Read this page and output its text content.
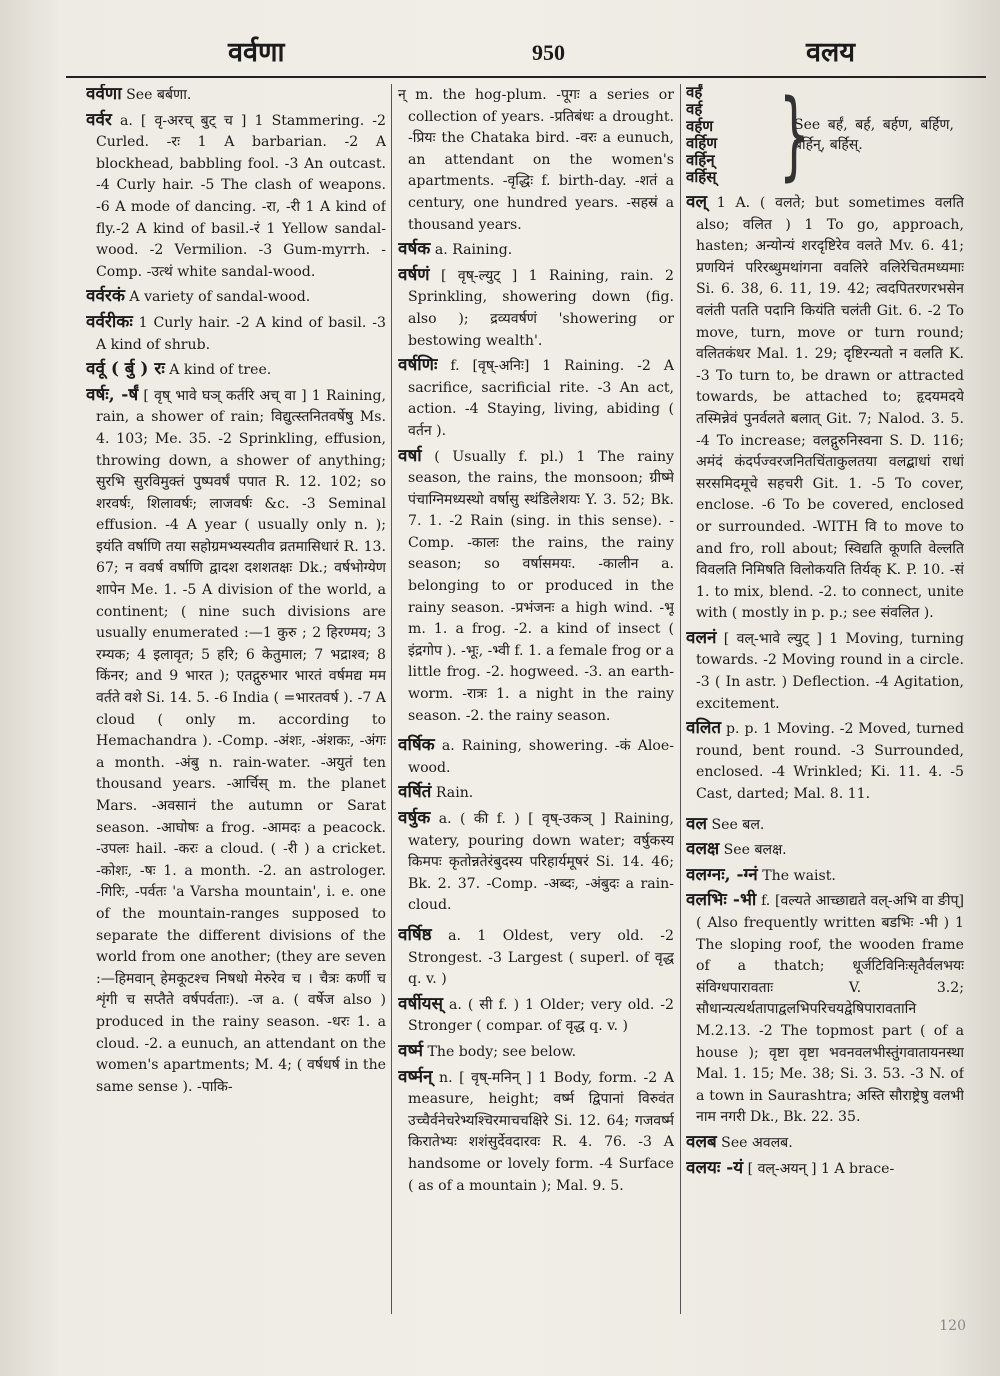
वर्वणा	950	वलय

वर्वणा See बर्बणा.

वर्वर a. [ वृ-अरच् बुट् च ] 1 Stammering. -2 Curled. -रः 1 A barbarian. -2 A blockhead, babbling fool. -3 An outcast. -4 Curly hair. -5 The clash of weapons. -6 A mode of dancing. -रा, -री 1 A kind of fly.-2 A kind of basil.-रं 1 Yellow sandal-wood. -2 Vermilion. -3 Gum-myrrh. -Comp. -उत्थं white sandal-wood.

वर्वरकं A variety of sandal-wood.

वर्वरीकः 1 Curly hair. -2 A kind of basil. -3 A kind of shrub.

वर्वू ( र्बु ) रः A kind of tree.

वर्षः, -र्षं [ वृष् भावे घञ् कर्तरि अच् वा ] 1 Raining, rain, a shower of rain; विद्युत्स्तनितवर्षेषु Ms. 4. 103; Me. 35. -2 Sprinkling, effusion, throwing down, a shower of anything; सुरभि सुरविमुक्तं पुष्पवर्षं पपात R. 12. 102; so शरवर्षः, शिलावर्षः; लाजवर्षः &c. -3 Seminal effusion. -4 A year ( usually only n. ); इयंति वर्षाणि तया सहोग्रमभ्यस्यतीव व्रतमासिधारं R. 13. 67; न ववर्ष वर्षाणि द्वादश दशशतक्षः Dk.; वर्षभोग्येण शापेन Me. 1. -5 A division of the world, a continent; ( nine such divisions are usually enumerated :—1 कुरु ; 2 हिरण्मय; 3 रम्यक; 4 इलावृत; 5 हरि; 6 केतुमाल; 7 भद्राश्व; 8 किंनर; and 9 भारत ); एतद्गुरुभार भारतं वर्षमद्य मम वर्तते वशे Si. 14. 5. -6 India ( =भारतवर्ष ). -7 A cloud ( only m. according to Hemachandra ). -Comp. -अंशः, -अंशकः, -अंगः a month. -अंबु n. rain-water. -अयुतं ten thousand years. -आर्चिस् m. the planet Mars. -अवसानं the autumn or Sarat season. -आघोषः a frog. -आमदः a peacock. -उपलः hail. -करः a cloud. ( -री ) a cricket. -कोशः, -षः 1. a month. -2. an astrologer. -गिरिः, -पर्वतः 'a Varsha mountain', i. e. one of the mountain-ranges supposed to separate the different divisions of the world from one another; (they are seven :—हिमवान् हेमकूटश्च निषधो मेरुरेव च । चैत्रः कर्णी च शृंगी च सप्तैते वर्षपर्वताः). -ज a. ( वर्षेज also ) produced in the rainy season. -धरः 1. a cloud. -2. a eunuch, an attendant on the women's apartments; M. 4; ( वर्षधर्ष in the same sense ). -पाकि-

न् m. the hog-plum. -पूगः a series or collection of years. -प्रतिबंधः a drought. -प्रियः the Chataka bird. -वरः a eunuch, an attendant on the women's apartments. -वृद्धिः f. birth-day. -शतं a century, one hundred years. -सहस्रं a thousand years.

वर्षक a. Raining.

वर्षणं [ वृष्-ल्युट् ] 1 Raining, rain. 2 Sprinkling, showering down (fig. also ); द्रव्यवर्षणं 'showering or bestowing wealth'.

वर्षणिः f. [वृष्-अनिः] 1 Raining. -2 A sacrifice, sacrificial rite. -3 An act, action. -4 Staying, living, abiding ( वर्तन ).

वर्षा ( Usually f. pl.) 1 The rainy season, the rains, the monsoon; ग्रीष्मे पंचाग्निमध्यस्थो वर्षासु स्थंडिलेशयः Y. 3. 52; Bk. 7. 1. -2 Rain (sing. in this sense). -Comp. -कालः the rains, the rainy season; so वर्षासमयः. -कालीन a. belonging to or produced in the rainy season. -प्रभंजनः a high wind. -भू m. 1. a frog. -2. a kind of insect ( इंद्रगोप ). -भूः, -भ्वी f. 1. a female frog or a little frog. -2. hogweed. -3. an earth-worm. -रात्रः 1. a night in the rainy season. -2. the rainy season.

वर्षिक a. Raining, showering. -कं Aloe-wood.

वर्षितं Rain.

वर्षुक a. ( की f. ) [ वृष्-उकञ् ] Raining, watery, pouring down water; वर्षुकस्य किमपः कृतोन्नतेरंबुदस्य परिहार्यमूषरं Si. 14. 46; Bk. 2. 37. -Comp. -अब्दः, -अंबुदः a rain-cloud.

वर्षिष्ठ a. 1 Oldest, very old. -2 Strongest. -3 Largest ( superl. of वृद्ध q. v. )

वर्षीयस् a. ( सी f. ) 1 Older; very old. -2 Stronger ( compar. of वृद्ध q. v. )

वर्ष्म The body; see below.

वर्ष्मन् n. [ वृष्-मनिन् ] 1 Body, form. -2 A measure, height; वर्ष्म द्विपानां विरुवंत उच्चैर्वनेचरेभ्यश्चिरमाचचक्षिरे Si. 12. 64; गजवर्ष्म किरातेभ्यः शशंसुर्देवदारवः R. 4. 76. -3 A handsome or lovely form. -4 Surface ( as of a mountain ); Mal. 9. 5.

वर्हं
वर्ह
वर्हण
वर्हिण
वर्हिन्
वर्हिस् }
See बर्हं, बर्ह, बर्हण, बर्हिण, बर्हिन्, बर्हिस्.

वल् 1 A. ( वलते; but sometimes वलति also; वलित ) 1 To go, approach, hasten; अन्योन्यं शरदृष्टिरेव वलते Mv. 6. 41; प्रणयिनं परिरब्धुमथांगना ववलिरे वलिरेचितमध्यमाः Si. 6. 38, 6. 11, 19. 42; त्वदपितरणरभसेन वलंती पतति पदानि कियंति चलंती Git. 6. -2 To move, turn, move or turn round; वलितकंधर Mal. 1. 29; दृष्टिरन्यतो न वलति K. -3 To turn to, be drawn or attracted towards, be attached to; हृदयमदये तस्मिन्नेवं पुनर्वलते बलात् Git. 7; Nalod. 3. 5. -4 To increase; वलद्गुरुनिस्वना S. D. 116; अमंदं कंदर्पज्वरजनितचिंताकुलतया वलद्बाधां राधां सरसमिदमूचे सहचरी Git. 1. -5 To cover, enclose. -6 To be covered, enclosed or surrounded. -WITH वि to move to and fro, roll about; स्विद्यति कूणति वेल्लति विवलति निमिषति विलोकयति तिर्यक् K. P. 10. -सं 1. to mix, blend. -2. to connect, unite with ( mostly in p. p.; see संवलित ).

वलनं [ वल्-भावे ल्युट् ] 1 Moving, turning towards. -2 Moving round in a circle. -3 ( In astr. ) Deflection. -4 Agitation, excitement.

वलित p. p. 1 Moving. -2 Moved, turned round, bent round. -3 Surrounded, enclosed. -4 Wrinkled; Ki. 11. 4. -5 Cast, darted; Mal. 8. 11.

वल See बल.

वलक्ष See बलक्ष.

वलग्नः, -ग्नं The waist.

वलभिः -भी f. [वल्यते आच्छाद्यते वल्-अभि वा ङीप्] ( Also frequently written बडभिः -भी ) 1 The sloping roof, the wooden frame of a thatch; धूर्जटिविनिःसृतैर्वलभयः संविग्धपारावताः V. 3.2; सौधान्यत्यर्थतापाद्वलभिपरिचयद्वेषिपारावतानि M.2.13. -2 The topmost part ( of a house ); वृष्टा वृष्टा भवनवलभीस्तुंगवातायनस्था Mal. 1. 15; Me. 38; Si. 3. 53. -3 N. of a town in Saurashtra; अस्ति सौराष्ट्रेषु वलभी नाम नगरी Dk., Bk. 22. 35.

वलब See अवलब.

वलयः -यं [ वल्-अयन् ] 1 A brace-

120
